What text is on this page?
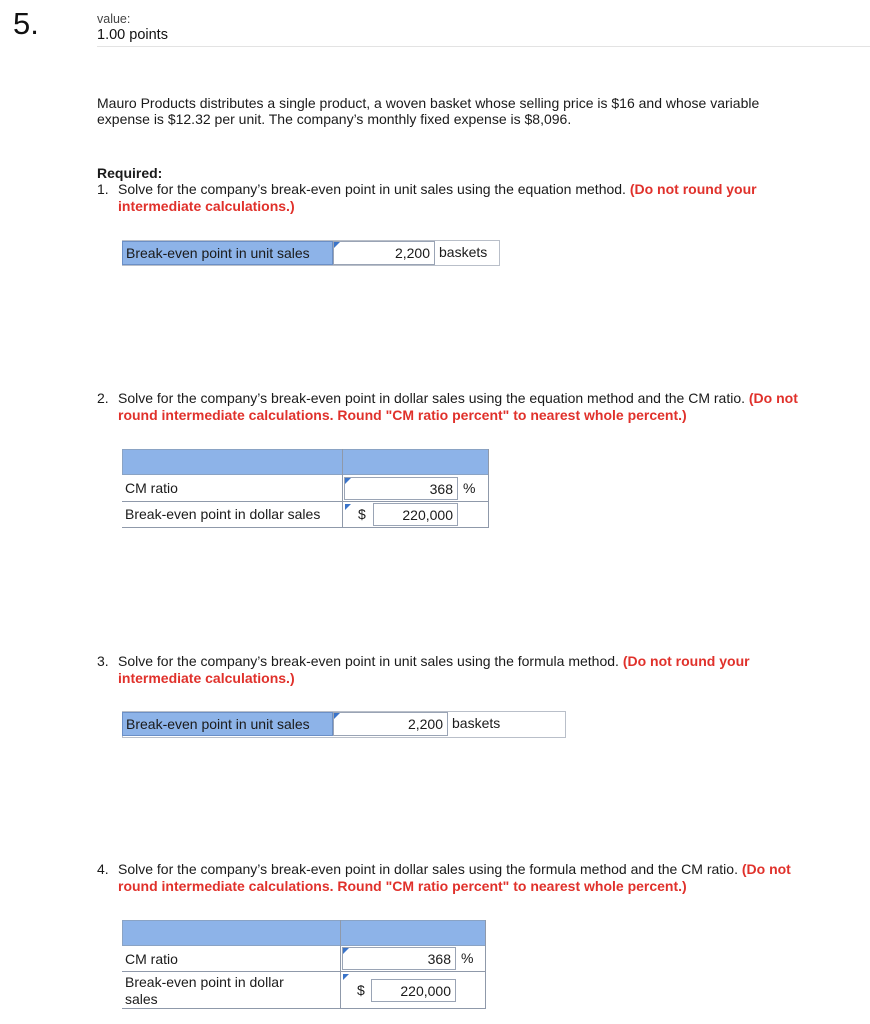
5.	value:
1.00 points
Mauro Products distributes a single product, a woven basket whose selling price is $16 and whose variable
expense is $12.32 per unit. The company’s monthly fixed expense is $8,096.
Required:
1. Solve for the company’s break-even point in unit sales using the equation method. (Do not round your intermediate calculations.)
Break-even point in unit sales	2,200 baskets
2. Solve for the company’s break-even point in dollar sales using the equation method and the CM ratio. (Do not round intermediate calculations. Round "CM ratio percent" to nearest whole percent.)
CM ratio	368 %
Break-even point in dollar sales	$	220,000
3. Solve for the company’s break-even point in unit sales using the formula method. (Do not round your intermediate calculations.)
Break-even point in unit sales	2,200 baskets
4. Solve for the company’s break-even point in dollar sales using the formula method and the CM ratio. (Do not round intermediate calculations. Round "CM ratio percent" to nearest whole percent.)
CM ratio	368 %
Break-even point in dollar
sales
$	220,000
